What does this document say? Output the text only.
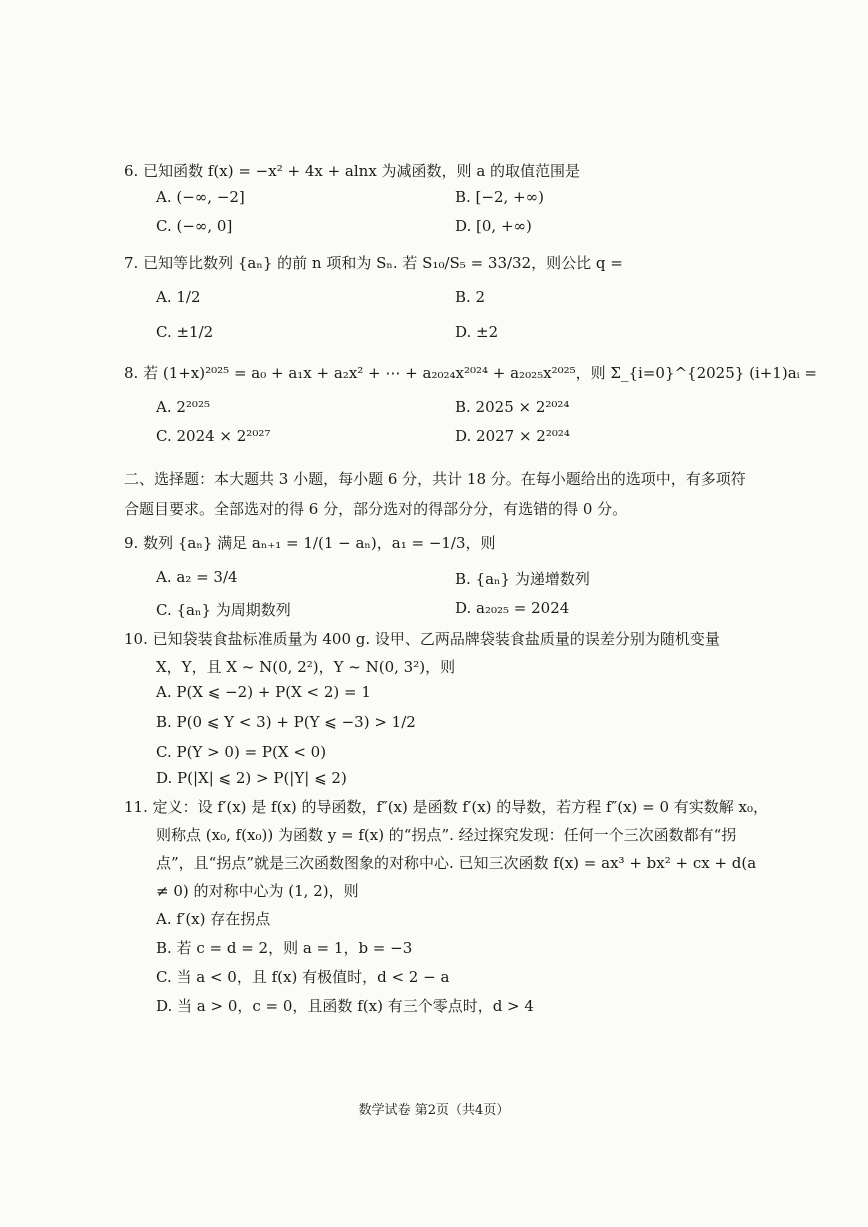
6. 已知函数 f(x) = −x² + 4x + alnx 为减函数，则 a 的取值范围是
A. (−∞, −2]	B. [−2, +∞)
C. (−∞, 0]	D. [0, +∞)
7. 已知等比数列 {aₙ} 的前 n 项和为 Sₙ. 若 S₁₀/S₅ = 33/32，则公比 q =
A. 1/2	B. 2
C. ±1/2	D. ±2
8. 若 (1+x)²⁰²⁵ = a₀ + a₁x + a₂x² + ⋯ + a₂₀₂₄x²⁰²⁴ + a₂₀₂₅x²⁰²⁵，则 Σ_{i=0}^{2025} (i+1)aᵢ =
A. 2²⁰²⁵	B. 2025 × 2²⁰²⁴
C. 2024 × 2²⁰²⁷	D. 2027 × 2²⁰²⁴
二、选择题：本大题共 3 小题，每小题 6 分，共计 18 分。在每小题给出的选项中，有多项符合题目要求。全部选对的得 6 分，部分选对的得部分分，有选错的得 0 分。
9. 数列 {aₙ} 满足 aₙ₊₁ = 1/(1 − aₙ)，a₁ = −1/3，则
A. a₂ = 3/4	B. {aₙ} 为递增数列
C. {aₙ} 为周期数列	D. a₂₀₂₅ = 2024
10. 已知袋装食盐标准质量为 400 g. 设甲、乙两品牌袋装食盐质量的误差分别为随机变量
X，Y，且 X ~ N(0, 2²)，Y ~ N(0, 3²)，则
A. P(X ⩽ −2) + P(X < 2) = 1
B. P(0 ⩽ Y < 3) + P(Y ⩽ −3) > 1/2
C. P(Y > 0) = P(X < 0)
D. P(|X| ⩽ 2) > P(|Y| ⩽ 2)
11. 定义：设 f′(x) 是 f(x) 的导函数，f″(x) 是函数 f′(x) 的导数，若方程 f″(x) = 0 有实数解 x₀，
则称点 (x₀, f(x₀)) 为函数 y = f(x) 的“拐点”. 经过探究发现：任何一个三次函数都有“拐
点”，且“拐点”就是三次函数图象的对称中心. 已知三次函数 f(x) = ax³ + bx² + cx + d(a
≠ 0) 的对称中心为 (1, 2)，则
A. f′(x) 存在拐点
B. 若 c = d = 2，则 a = 1，b = −3
C. 当 a < 0，且 f(x) 有极值时，d < 2 − a
D. 当 a > 0，c = 0，且函数 f(x) 有三个零点时，d > 4
数学试卷 第2页（共4页）
